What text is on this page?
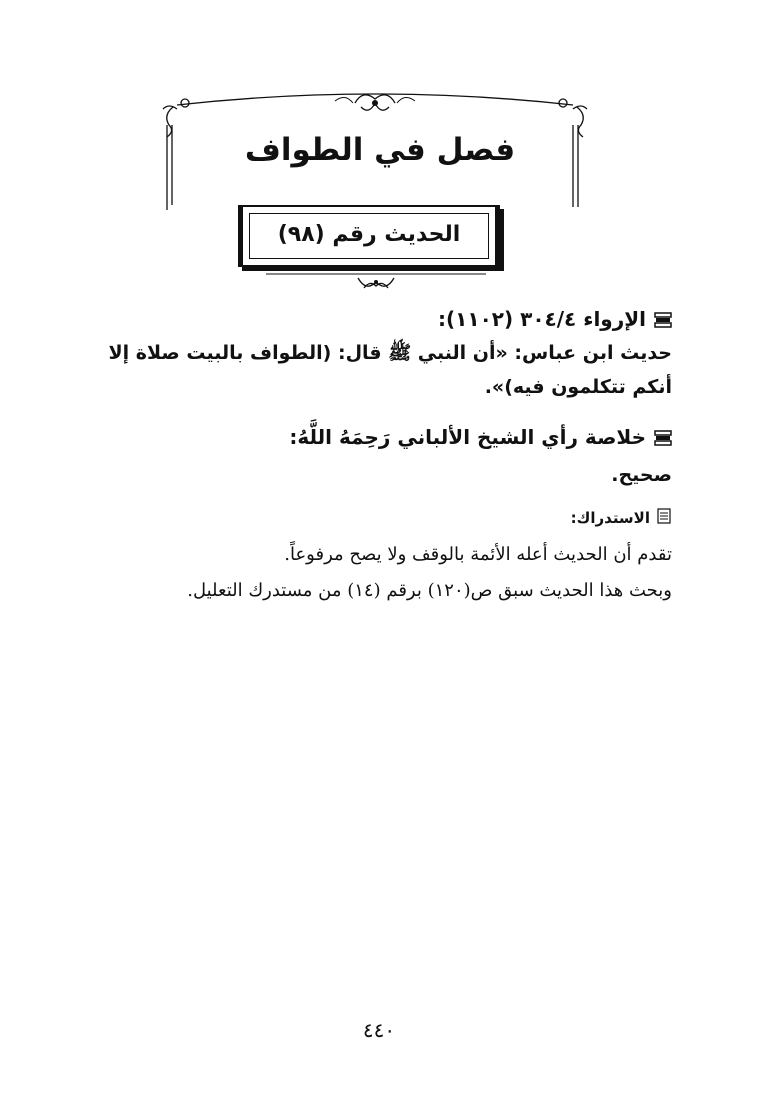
فصل في الطواف
الحديث رقم (٩٨)
الإرواء ٣٠٤/٤ (١١٠٢):
حديث ابن عباس: «أن النبي ﷺ قال: (الطواف بالبيت صلاة إلا أنكم تتكلمون فيه)».
خلاصة رأي الشيخ الألباني رَحِمَهُ اللَّهُ:
صحيح.
الاستدراك:
تقدم أن الحديث أعله الأئمة بالوقف ولا يصح مرفوعاً.
وبحث هذا الحديث سبق ص(١٢٠) برقم (١٤) من مستدرك التعليل.
٤٤٠
